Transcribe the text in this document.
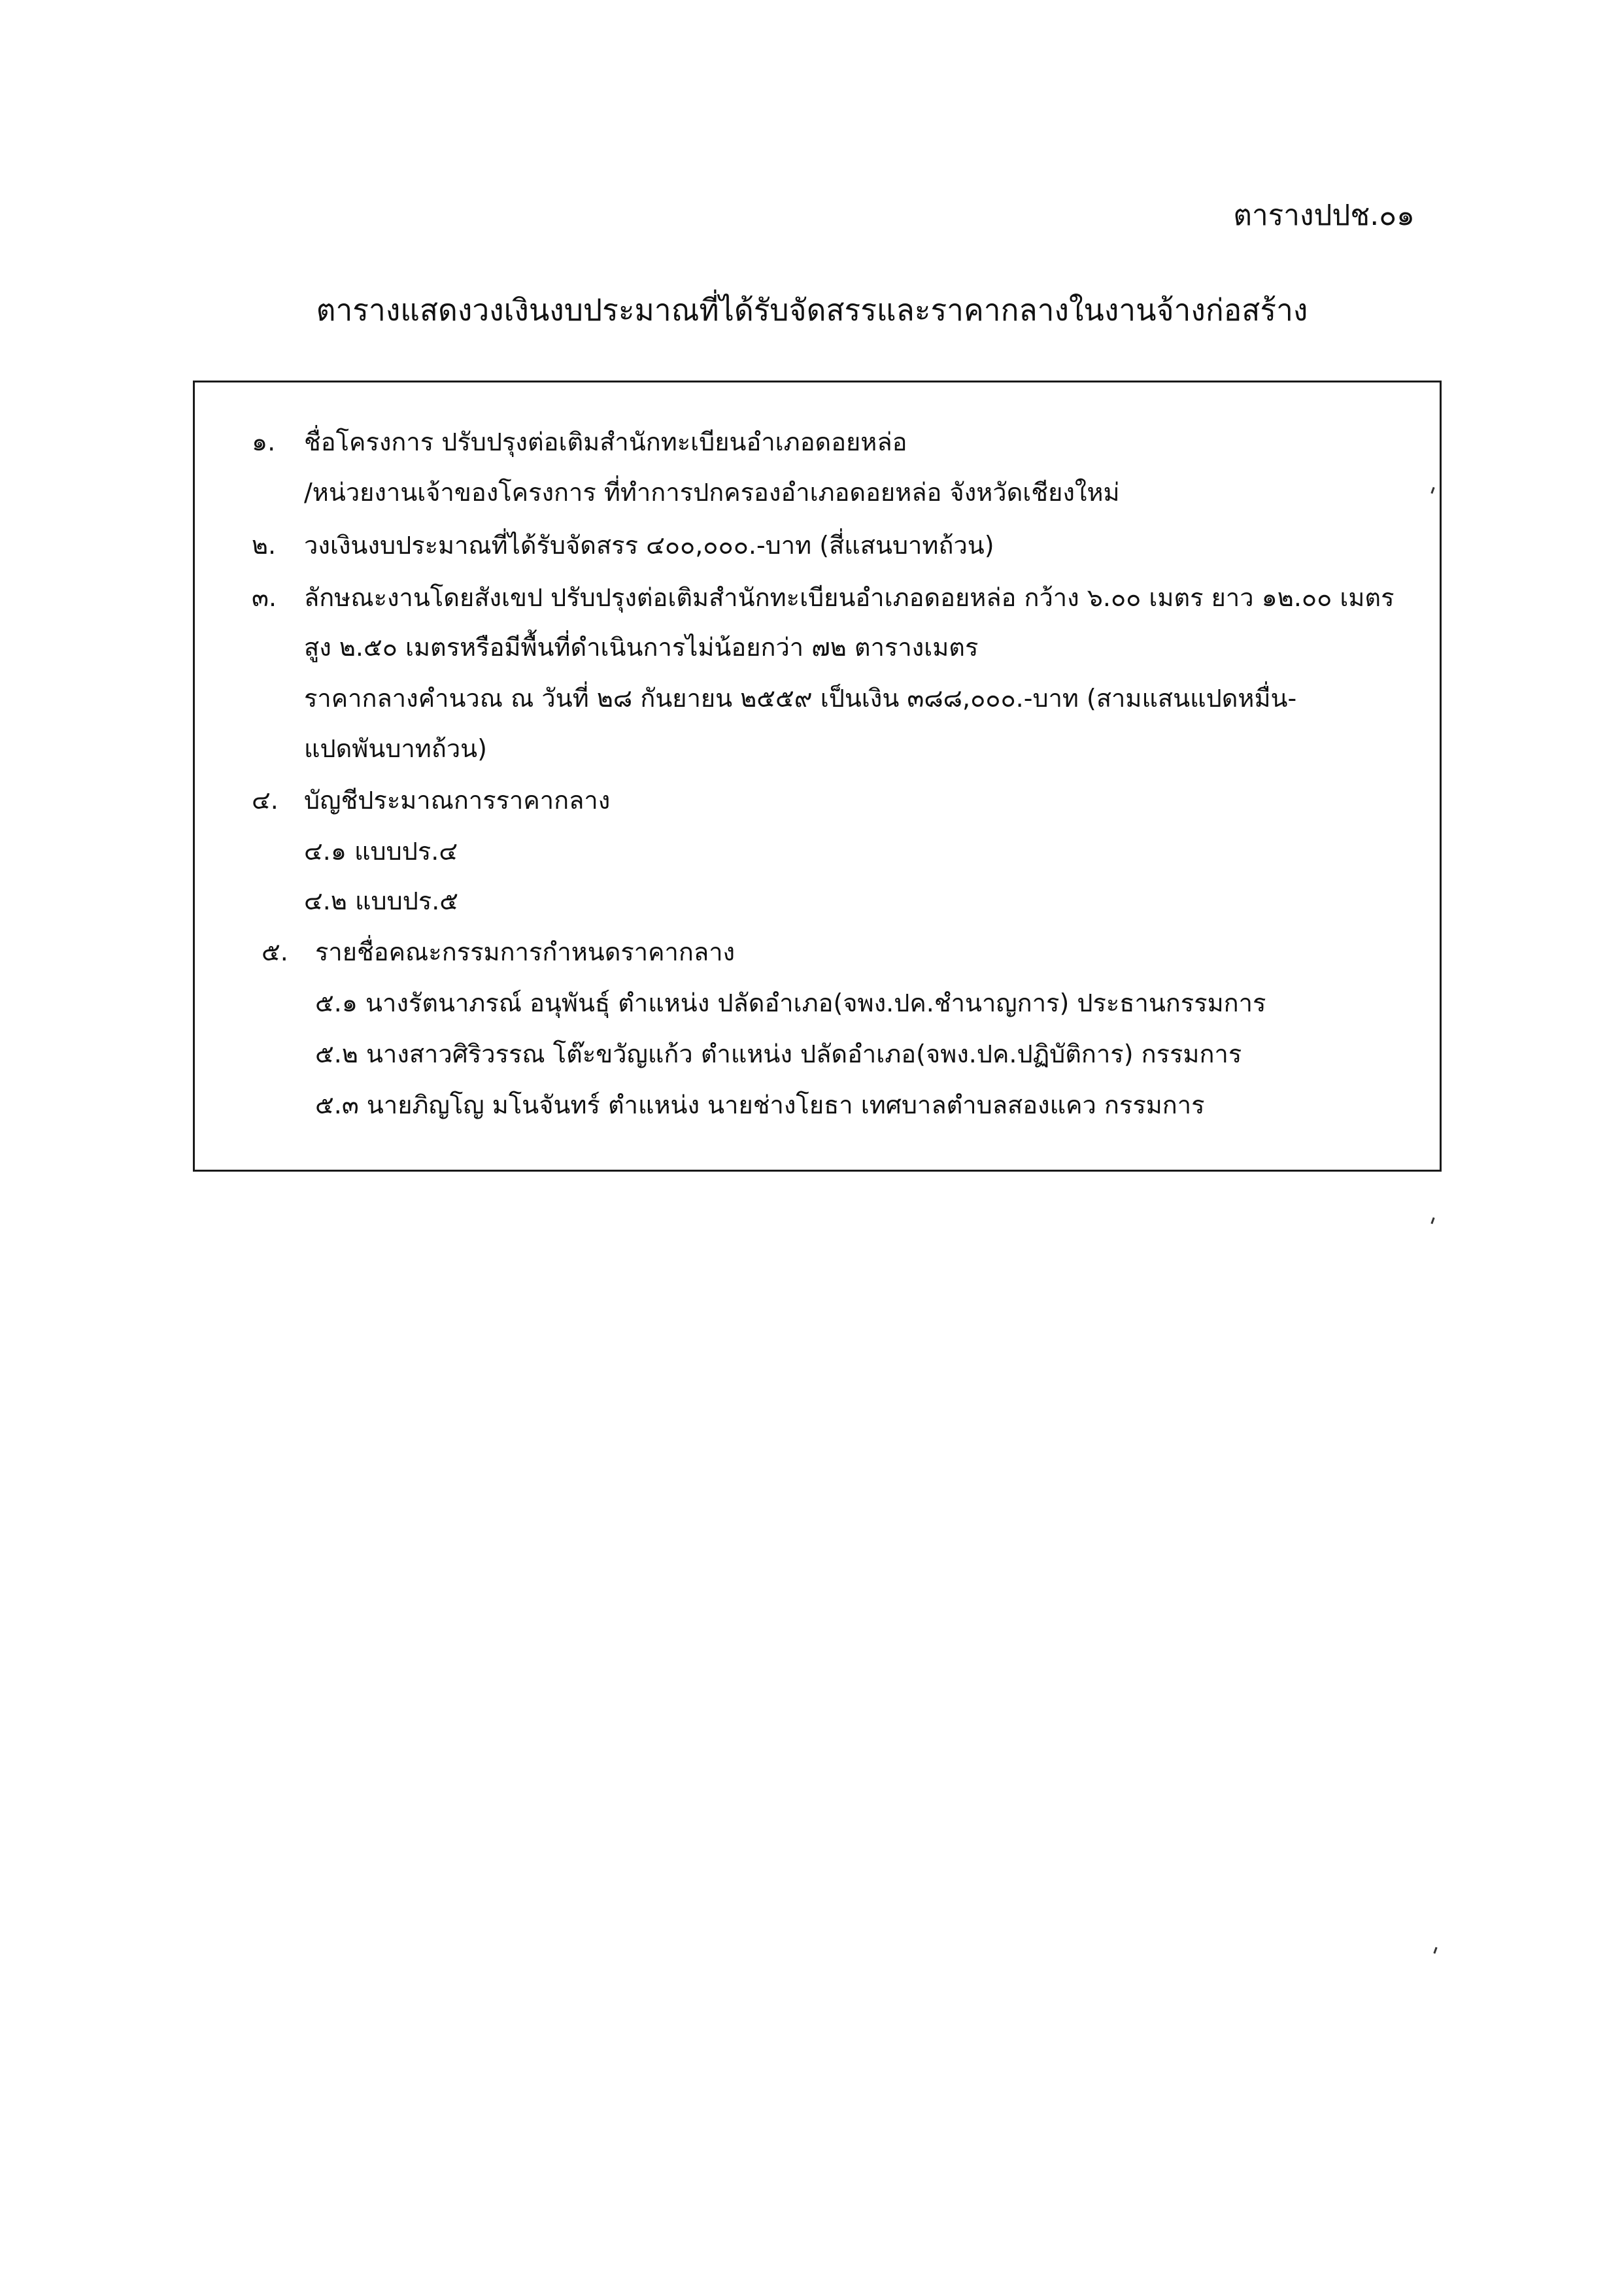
ตารางปปช.๐๑
ตารางแสดงวงเงินงบประมาณที่ได้รับจัดสรรและราคากลางในงานจ้างก่อสร้าง
๑. ชื่อโครงการ ปรับปรุงต่อเติมสำนักทะเบียนอำเภอดอยหล่อ
/หน่วยงานเจ้าของโครงการ ที่ทำการปกครองอำเภอดอยหล่อ จังหวัดเชียงใหม่
๒. วงเงินงบประมาณที่ได้รับจัดสรร ๔๐๐,๐๐๐.-บาท (สี่แสนบาทถ้วน)
๓. ลักษณะงานโดยสังเขป ปรับปรุงต่อเติมสำนักทะเบียนอำเภอดอยหล่อ กว้าง ๖.๐๐ เมตร ยาว ๑๒.๐๐ เมตร
สูง ๒.๕๐ เมตรหรือมีพื้นที่ดำเนินการไม่น้อยกว่า ๗๒ ตารางเมตร
ราคากลางคำนวณ ณ วันที่ ๒๘ กันยายน ๒๕๕๙ เป็นเงิน ๓๘๘,๐๐๐.-บาท (สามแสนแปดหมื่น-
แปดพันบาทถ้วน)
๔. บัญชีประมาณการราคากลาง
๔.๑ แบบปร.๔
๔.๒ แบบปร.๕
๕. รายชื่อคณะกรรมการกำหนดราคากลาง
๕.๑ นางรัตนาภรณ์ อนุพันธุ์ ตำแหน่ง ปลัดอำเภอ(จพง.ปค.ชำนาญการ) ประธานกรรมการ
๕.๒ นางสาวศิริวรรณ โต๊ะขวัญแก้ว ตำแหน่ง ปลัดอำเภอ(จพง.ปค.ปฏิบัติการ) กรรมการ
๕.๓ นายภิญโญ มโนจันทร์ ตำแหน่ง นายช่างโยธา เทศบาลตำบลสองแคว กรรมการ
